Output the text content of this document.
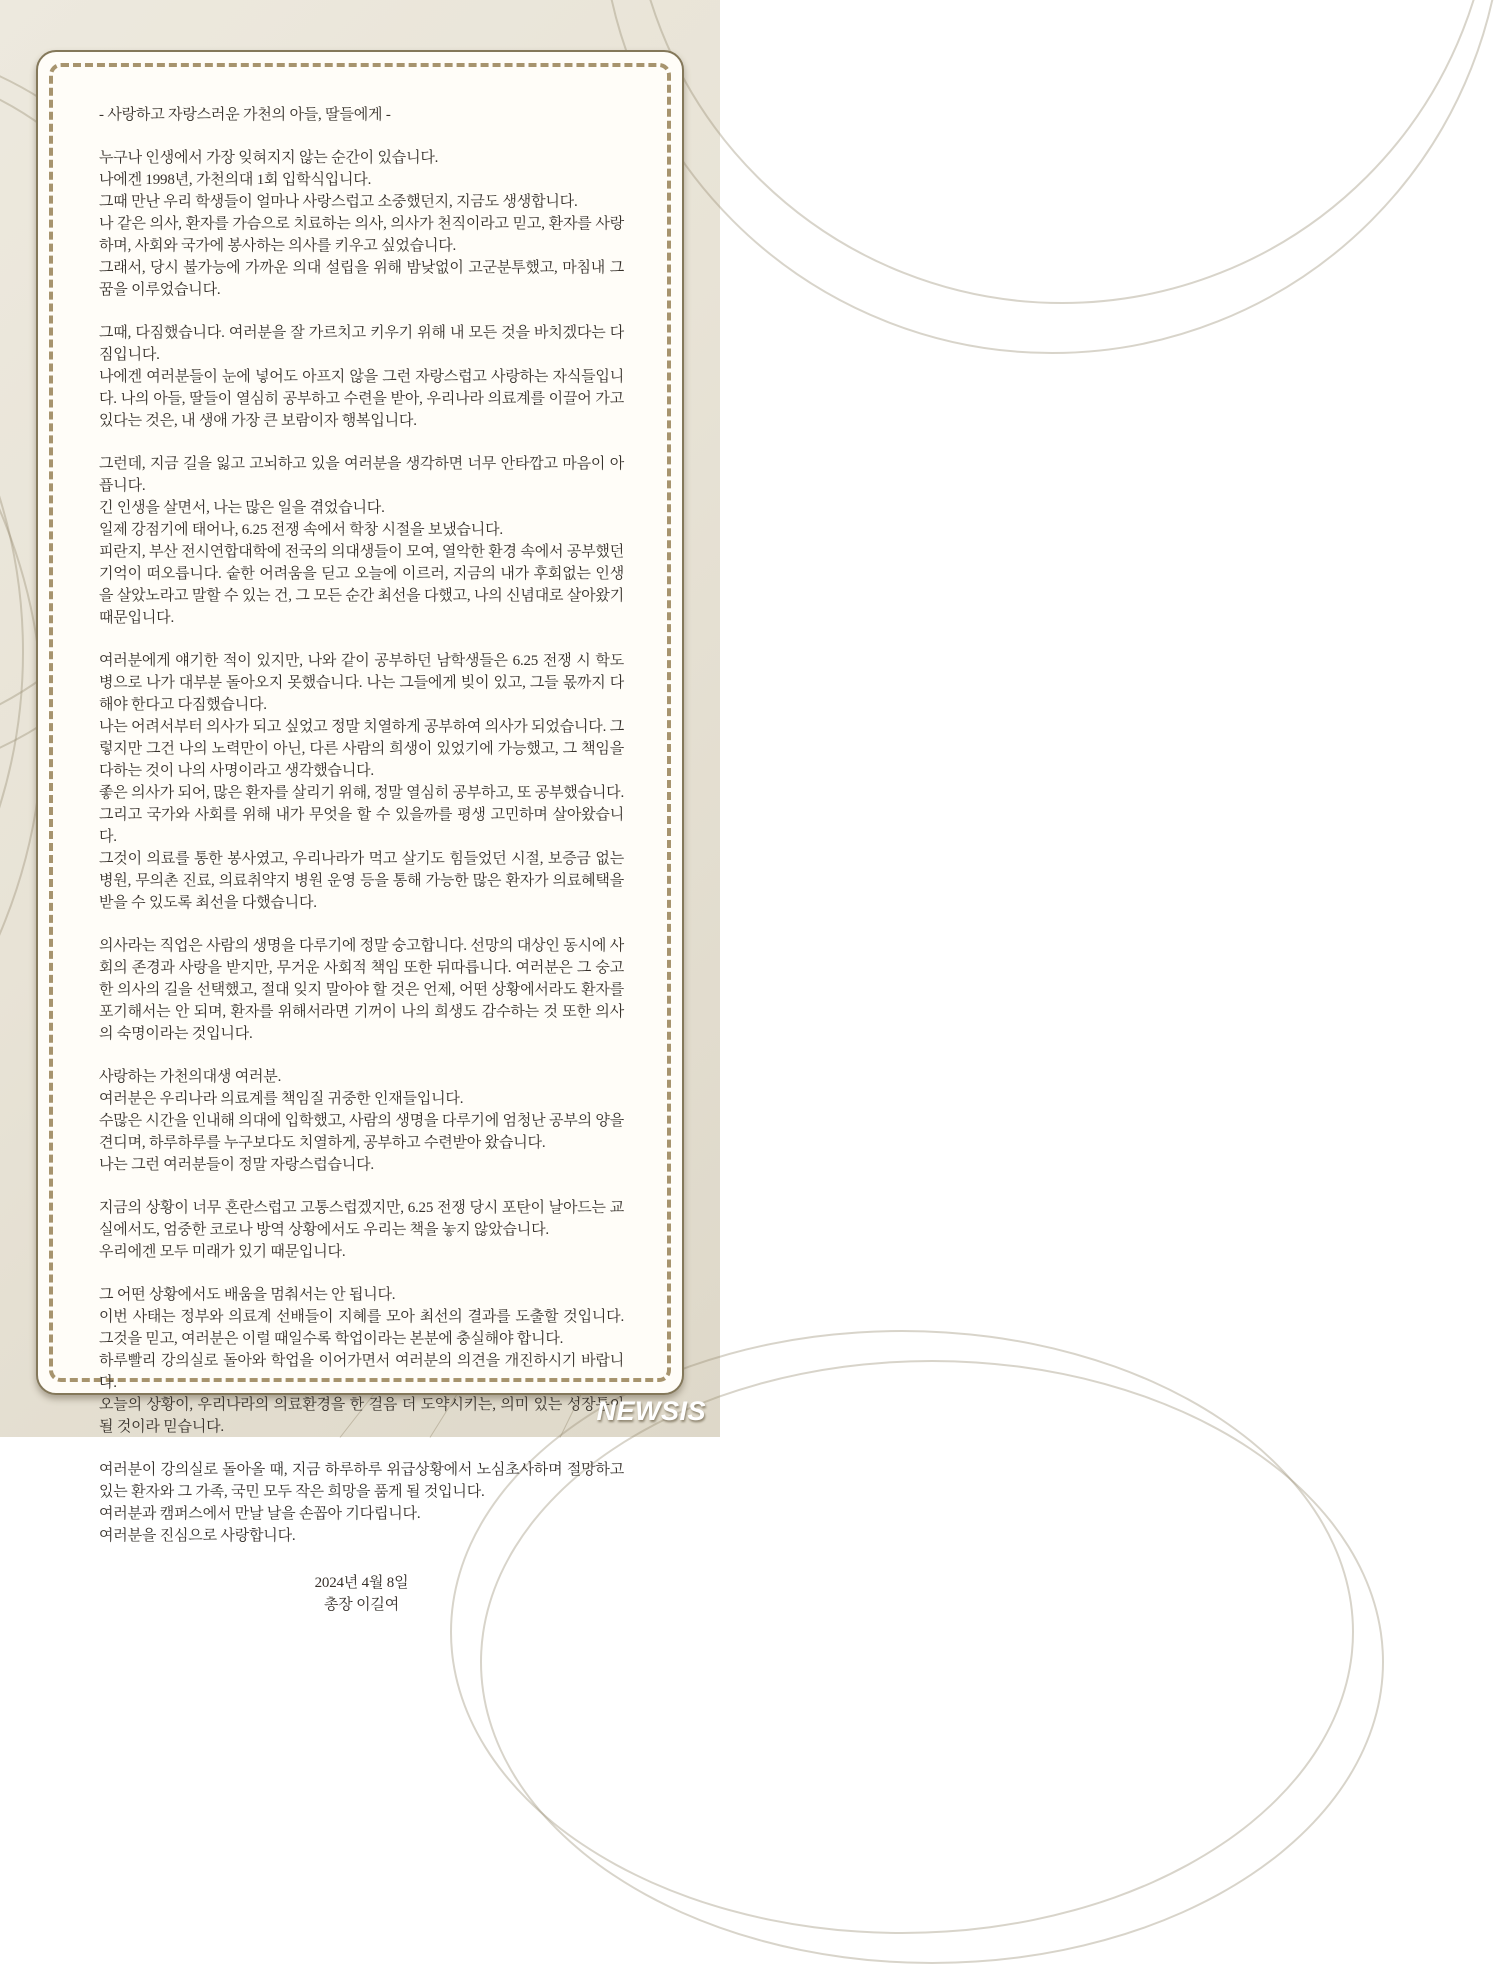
- 사랑하고 자랑스러운 가천의 아들, 딸들에게 -
누구나 인생에서 가장 잊혀지지 않는 순간이 있습니다.
나에겐 1998년, 가천의대 1회 입학식입니다.
그때 만난 우리 학생들이 얼마나 사랑스럽고 소중했던지, 지금도 생생합니다.
나 같은 의사, 환자를 가슴으로 치료하는 의사, 의사가 천직이라고 믿고, 환자를 사랑하며, 사회와 국가에 봉사하는 의사를 키우고 싶었습니다.
그래서, 당시 불가능에 가까운 의대 설립을 위해 밤낮없이 고군분투했고, 마침내 그 꿈을 이루었습니다.
그때, 다짐했습니다. 여러분을 잘 가르치고 키우기 위해 내 모든 것을 바치겠다는 다짐입니다.
나에겐 여러분들이 눈에 넣어도 아프지 않을 그런 자랑스럽고 사랑하는 자식들입니다. 나의 아들, 딸들이 열심히 공부하고 수련을 받아, 우리나라 의료계를 이끌어 가고 있다는 것은, 내 생애 가장 큰 보람이자 행복입니다.
그런데, 지금 길을 잃고 고뇌하고 있을 여러분을 생각하면 너무 안타깝고 마음이 아픕니다.
긴 인생을 살면서, 나는 많은 일을 겪었습니다.
일제 강점기에 태어나, 6.25 전쟁 속에서 학창 시절을 보냈습니다.
피란지, 부산 전시연합대학에 전국의 의대생들이 모여, 열악한 환경 속에서 공부했던 기억이 떠오릅니다. 숱한 어려움을 딛고 오늘에 이르러, 지금의 내가 후회없는 인생을 살았노라고 말할 수 있는 건, 그 모든 순간 최선을 다했고, 나의 신념대로 살아왔기 때문입니다.
여러분에게 얘기한 적이 있지만, 나와 같이 공부하던 남학생들은 6.25 전쟁 시 학도병으로 나가 대부분 돌아오지 못했습니다. 나는 그들에게 빚이 있고, 그들 몫까지 다해야 한다고 다짐했습니다.
나는 어려서부터 의사가 되고 싶었고 정말 치열하게 공부하여 의사가 되었습니다. 그렇지만 그건 나의 노력만이 아닌, 다른 사람의 희생이 있었기에 가능했고, 그 책임을 다하는 것이 나의 사명이라고 생각했습니다.
좋은 의사가 되어, 많은 환자를 살리기 위해, 정말 열심히 공부하고, 또 공부했습니다. 그리고 국가와 사회를 위해 내가 무엇을 할 수 있을까를 평생 고민하며 살아왔습니다.
그것이 의료를 통한 봉사였고, 우리나라가 먹고 살기도 힘들었던 시절, 보증금 없는 병원, 무의촌 진료, 의료취약지 병원 운영 등을 통해 가능한 많은 환자가 의료혜택을 받을 수 있도록 최선을 다했습니다.
의사라는 직업은 사람의 생명을 다루기에 정말 숭고합니다. 선망의 대상인 동시에 사회의 존경과 사랑을 받지만, 무거운 사회적 책임 또한 뒤따릅니다. 여러분은 그 숭고한 의사의 길을 선택했고, 절대 잊지 말아야 할 것은 언제, 어떤 상황에서라도 환자를 포기해서는 안 되며, 환자를 위해서라면 기꺼이 나의 희생도 감수하는 것 또한 의사의 숙명이라는 것입니다.
사랑하는 가천의대생 여러분.
여러분은 우리나라 의료계를 책임질 귀중한 인재들입니다.
수많은 시간을 인내해 의대에 입학했고, 사람의 생명을 다루기에 엄청난 공부의 양을 견디며, 하루하루를 누구보다도 치열하게, 공부하고 수련받아 왔습니다.
나는 그런 여러분들이 정말 자랑스럽습니다.
지금의 상황이 너무 혼란스럽고 고통스럽겠지만, 6.25 전쟁 당시 포탄이 날아드는 교실에서도, 엄중한 코로나 방역 상황에서도 우리는 책을 놓지 않았습니다.
우리에겐 모두 미래가 있기 때문입니다.
그 어떤 상황에서도 배움을 멈춰서는 안 됩니다.
이번 사태는 정부와 의료계 선배들이 지혜를 모아 최선의 결과를 도출할 것입니다. 그것을 믿고, 여러분은 이럴 때일수록 학업이라는 본분에 충실해야 합니다.
하루빨리 강의실로 돌아와 학업을 이어가면서 여러분의 의견을 개진하시기 바랍니다.
오늘의 상황이, 우리나라의 의료환경을 한 걸음 더 도약시키는, 의미 있는 성장통이 될 것이라 믿습니다.
여러분이 강의실로 돌아올 때, 지금 하루하루 위급상황에서 노심초사하며 절망하고 있는 환자와 그 가족, 국민 모두 작은 희망을 품게 될 것입니다.
여러분과 캠퍼스에서 만날 날을 손꼽아 기다립니다.
여러분을 진심으로 사랑합니다.
2024년 4월 8일
총장 이길여
NEWSIS
